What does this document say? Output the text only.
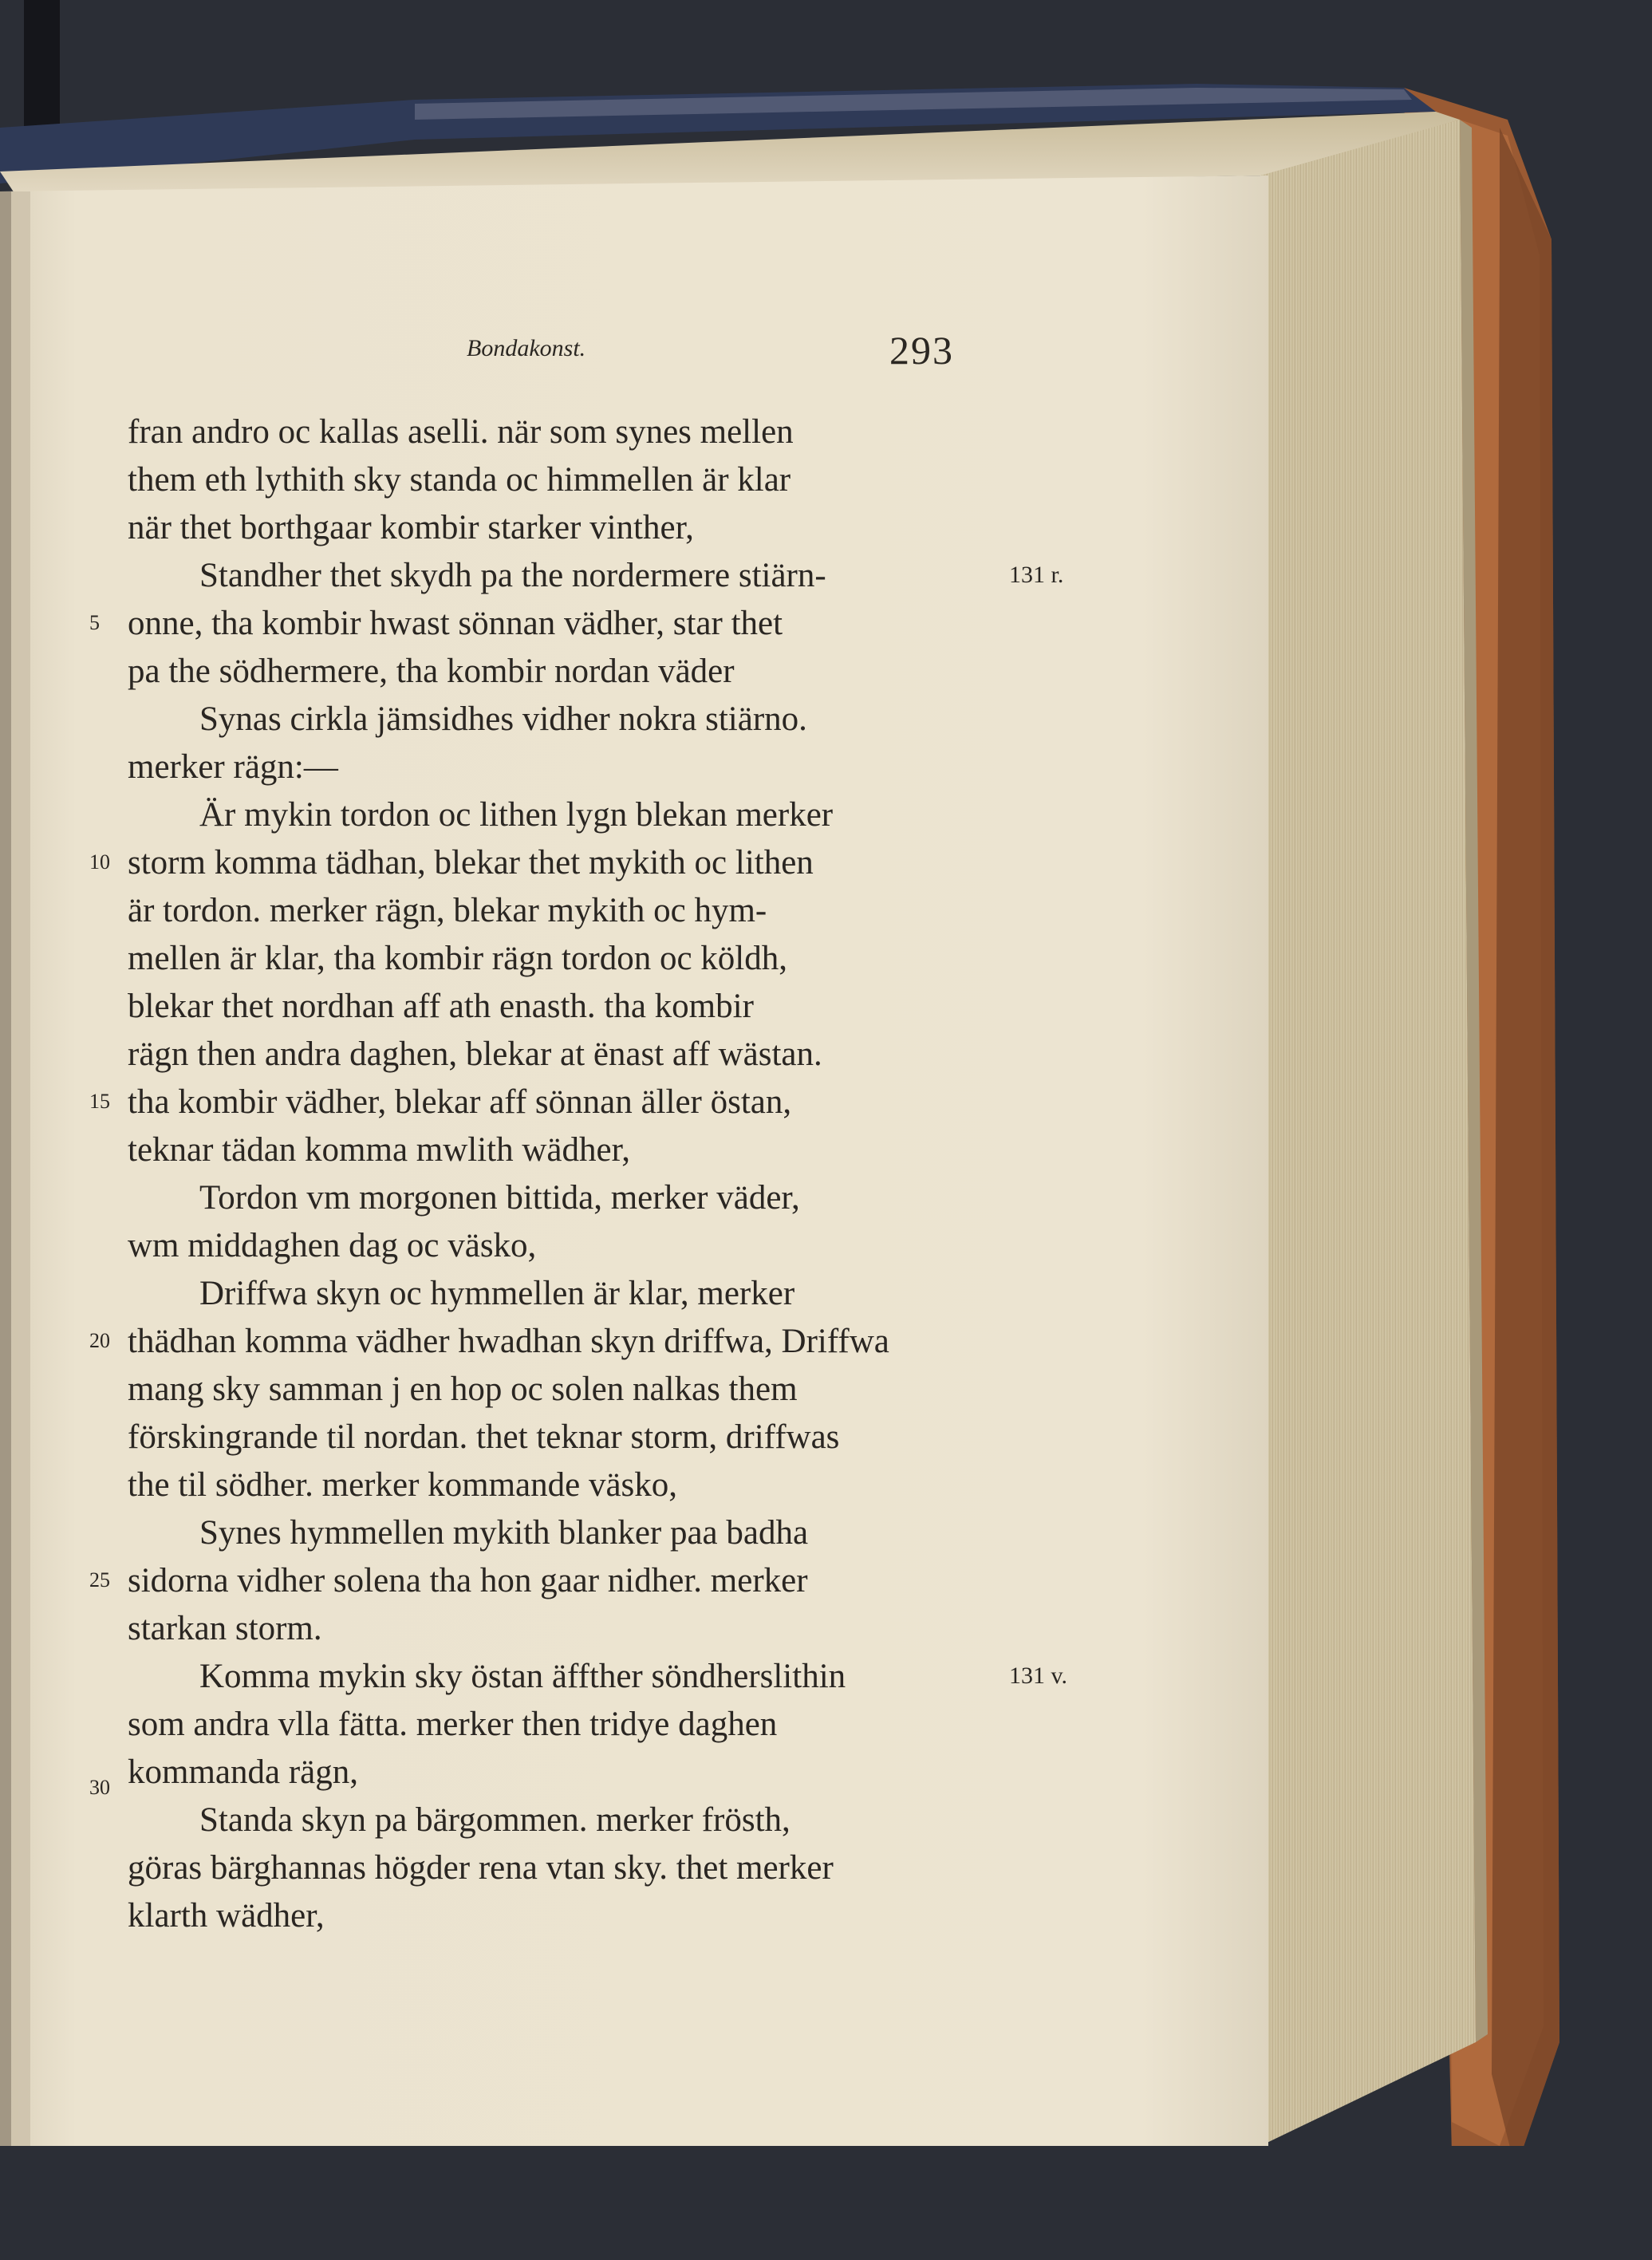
Bondakonst.	293
fran andro oc kallas aselli. när som synes mellen
them eth lythith sky standa oc himmellen är klar
när thet borthgaar kombir starker vinther,
Standher thet skydh pa the nordermere stiärn-
onne, tha kombir hwast sönnan vädher, star thet
pa the södhermere, tha kombir nordan väder
Synas cirkla jämsidhes vidher nokra stiärno.
merker rägn:—
Är mykin tordon oc lithen lygn blekan merker
storm komma tädhan, blekar thet mykith oc lithen
är tordon. merker rägn, blekar mykith oc hym-
mellen är klar, tha kombir rägn tordon oc köldh,
blekar thet nordhan aff ath enasth. tha kombir
rägn then andra daghen, blekar at ënast aff wästan.
tha kombir vädher, blekar aff sönnan äller östan,
teknar tädan komma mwlith wädher,
Tordon vm morgonen bittida, merker väder,
wm middaghen dag oc väsko,
Driffwa skyn oc hymmellen är klar, merker
thädhan komma vädher hwadhan skyn driffwa, Driffwa
mang sky samman j en hop oc solen nalkas them
förskingrande til nordan. thet teknar storm, driffwas
the til södher. merker kommande väsko,
Synes hymmellen mykith blanker paa badha
sidorna vidher solena tha hon gaar nidher. merker
starkan storm.
Komma mykin sky östan äffther söndherslithin
som andra vlla fätta. merker then tridye daghen
kommanda rägn,
Standa skyn pa bärgommen. merker frösth,
göras bärghannas högder rena vtan sky. thet merker
klarth wädher,
5
10
15
20
25
30
131 r.
131 v.
